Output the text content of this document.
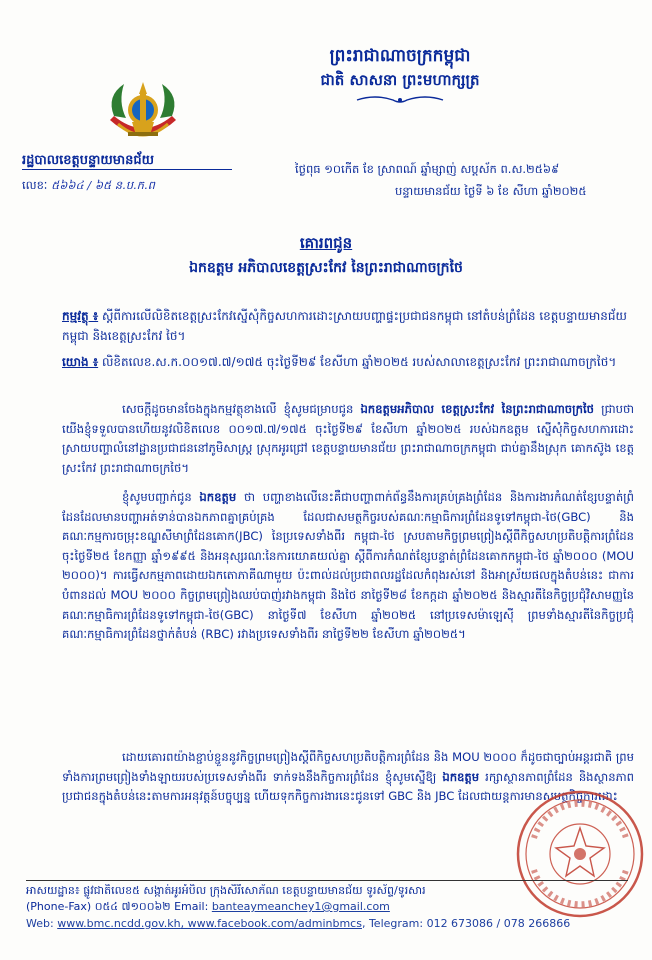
ព្រះរាជាណាចក្រកម្ពុជា
ជាតិ សាសនា ព្រះមហាក្សត្រ
រដ្ឋបាលខេត្តបន្ទាយមានជ័យ
លេខៈ ៥៦៦៤ / ៦៥ ន.ប.ក.ព
ថ្ងៃពុធ ១០កើត ខែ ស្រាពណ៍ ឆ្នាំម្សាញ់ សប្តស័ក ព.ស.២៥៦៩
បន្ទាយមានជ័យ ថ្ងៃទី ៦ ខែ សីហា ឆ្នាំ២០២៥
គោរពជូន
ឯកឧត្តម អភិបាលខេត្តស្រះកែវ នៃព្រះរាជាណាចក្រថៃ
កម្មវត្ថុ ៖ ស្តីពីការលើលិខិតខេត្តស្រះកែវស្នើសុំកិច្ចសហការដោះស្រាយបញ្ហាផ្ទះប្រជាជនកម្ពុជា នៅតំបន់ព្រំដែន ខេត្តបន្ទាយមានជ័យ កម្ពុជា និងខេត្តស្រះកែវ ថៃ។
យោង ៖ លិខិតលេខ.ស.ក.០០១៧.៧/១៧៥ ចុះថ្ងៃទី២៩ ខែសីហា ឆ្នាំ២០២៥ របស់សាលាខេត្តស្រះកែវ ព្រះរាជាណាចក្រថៃ។
សេចក្តីដូចមានចែងក្នុងកម្មវត្ថុខាងលើ ខ្ញុំសូមជម្រាបជូន ឯកឧត្តមអភិបាល ខេត្តស្រះកែវ នៃព្រះរាជាណាចក្រថៃ ជ្រាបថា យើងខ្ញុំទទួលបានហើយនូវលិខិតលេខ ០០១៧.៧/១៧៥ ចុះថ្ងៃទី២៩ ខែសីហា ឆ្នាំ២០២៥ របស់ឯកឧត្តម ស្នើសុំកិច្ចសហការដោះស្រាយបញ្ហាលំនៅដ្ឋានប្រជាជននៅភូមិសាស្រ្ត ស្រុកអូរជ្រៅ ខេត្តបន្ទាយមានជ័យ ព្រះរាជាណាចក្រកម្ពុជា ជាប់គ្នានឹងស្រុក គោកស៊ូង ខេត្តស្រះកែវ ព្រះរាជាណាចក្រថៃ។
ខ្ញុំសូមបញ្ជាក់ជូន ឯកឧត្តម ថា បញ្ហាខាងលើនេះគឺជាបញ្ហាពាក់ព័ន្ធនឹងការគ្រប់គ្រងព្រំដែន និងការងារកំណត់ខ្សែបន្ទាត់ព្រំដែនដែលមានបញ្ហាអត់ទាន់បានឯកភាពគ្នាគ្រប់គ្រង ដែលជាសមត្ថកិច្ចរបស់គណៈកម្មាធិការព្រំដែនទូទៅកម្ពុជា-ថៃ(GBC) និងគណៈកម្មការចម្រុះខណ្ឌសីមាព្រំដែនគោក(JBC) នៃប្រទេសទាំងពីរ កម្ពុជា-ថៃ ស្របតាមកិច្ចព្រមព្រៀងស្តីពីកិច្ចសហប្រតិបត្តិការព្រំដែន ចុះថ្ងៃទី២៥ ខែកញ្ញា ឆ្នាំ១៩៩៥ និងអនុស្សរណៈនៃការយោគយល់គ្នា ស្តីពីការកំណត់ខ្សែបន្ទាត់ព្រំដែនគោកកម្ពុជា-ថៃ ឆ្នាំ២០០០ (MOU ២០០០)។ ការធ្វើសកម្មភាពដោយឯកតោភាគីណាមួយ ប៉ះពាល់ដល់ប្រជាពលរដ្ឋដែលកំពុងរស់នៅ និងអាស្រ័យផលក្នុងតំបន់នេះ ជាការបំពានដល់ MOU ២០០០ កិច្ចព្រមព្រៀងឈប់បាញ់រវាងកម្ពុជា និងថៃ នាថ្ងៃទី២៨ ខែកក្កដា ឆ្នាំ២០២៥ និងស្មារតីនៃកិច្ចប្រជុំវិសាមញ្ញនៃគណៈកម្មាធិការព្រំដែនទូទៅកម្ពុជា-ថៃ(GBC) នាថ្ងៃទី៧ ខែសីហា ឆ្នាំ២០២៥ នៅប្រទេសម៉ាឡេស៊ី ព្រមទាំងស្មារតីនៃកិច្ចប្រជុំគណៈកម្មាធិការព្រំដែនថ្នាក់តំបន់ (RBC) រវាងប្រទេសទាំងពីរ នាថ្ងៃទី២២ ខែសីហា ឆ្នាំ២០២៥។
ដោយគោរពយ៉ាងខ្ជាប់ខ្ជួននូវកិច្ចព្រមព្រៀងស្តីពីកិច្ចសហប្រតិបត្តិការព្រំដែន និង MOU ២០០០ ក៏ដូចជាច្បាប់អន្តរជាតិ ព្រមទាំងការព្រមព្រៀងទាំងឡាយរបស់ប្រទេសទាំងពីរ ទាក់ទងនឹងកិច្ចការព្រំដែន ខ្ញុំសូមស្នើឱ្យ ឯកឧត្តម រក្សាស្ថានភាពព្រំដែន និងស្ថានភាពប្រជាជនក្នុងតំបន់នេះតាមការអនុវត្តន៍បច្ចុប្បន្ន ហើយទុកកិច្ចការងារនេះជូនទៅ GBC និង JBC ដែលជាយន្តការមានសមត្ថកិច្ចការដោះ
អាសយដ្ឋាន៖ ផ្លូវជាតិលេខ៥ សង្កាត់អូរអំបិល ក្រុងសិរីសោភ័ណ ខេត្តបន្ទាយមានជ័យ ទូរស័ព្ទ/ទូរសារ
(Phone-Fax) ០៥៤ ៧១០០៦២ Email: banteaymeanchey1@gmail.com
Web: www.bmc.ncdd.gov.kh, www.facebook.com/adminbmcs, Telegram: 012 673086 / 078 266866
